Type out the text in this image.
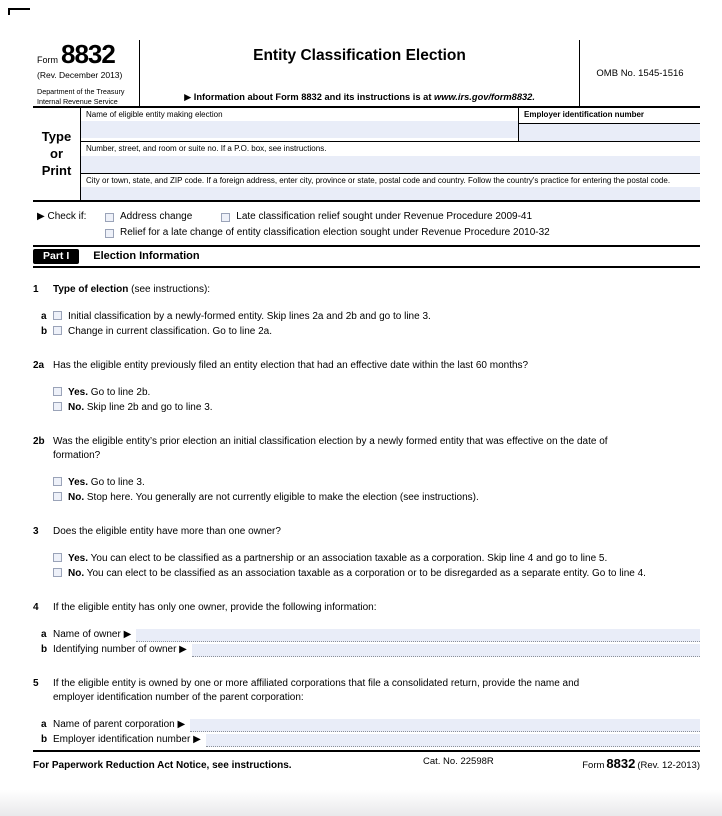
Form 8832
(Rev. December 2013)
Department of the Treasury
Internal Revenue Service
Entity Classification Election
▶ Information about Form 8832 and its instructions is at www.irs.gov/form8832.
OMB No. 1545-1516
Type
or
Print
Name of eligible entity making election	Employer identification number
Number, street, and room or suite no. If a P.O. box, see instructions.
City or town, state, and ZIP code. If a foreign address, enter city, province or state, postal code and country. Follow the country's practice for entering the postal code.
▶ Check if:	Address change	Late classification relief sought under Revenue Procedure 2009-41
Relief for a late change of entity classification election sought under Revenue Procedure 2010-32
Part I	Election Information
1	Type of election (see instructions):
a	Initial classification by a newly-formed entity. Skip lines 2a and 2b and go to line 3.
b	Change in current classification. Go to line 2a.
2a Has the eligible entity previously filed an entity election that had an effective date within the last 60 months?
Yes. Go to line 2b.
No. Skip line 2b and go to line 3.
2b Was the eligible entity’s prior election an initial classification election by a newly formed entity that was effective on the date of formation?
Yes. Go to line 3.
No. Stop here. You generally are not currently eligible to make the election (see instructions).
3	Does the eligible entity have more than one owner?
Yes. You can elect to be classified as a partnership or an association taxable as a corporation. Skip line 4 and go to line 5.
No. You can elect to be classified as an association taxable as a corporation or to be disregarded as a separate entity. Go to line 4.
4	If the eligible entity has only one owner, provide the following information:
a Name of owner ▶
b Identifying number of owner ▶
5	If the eligible entity is owned by one or more affiliated corporations that file a consolidated return, provide the name and employer identification number of the parent corporation:
a Name of parent corporation ▶
b Employer identification number ▶
For Paperwork Reduction Act Notice, see instructions.	Cat. No. 22598R	Form 8832 (Rev. 12-2013)
